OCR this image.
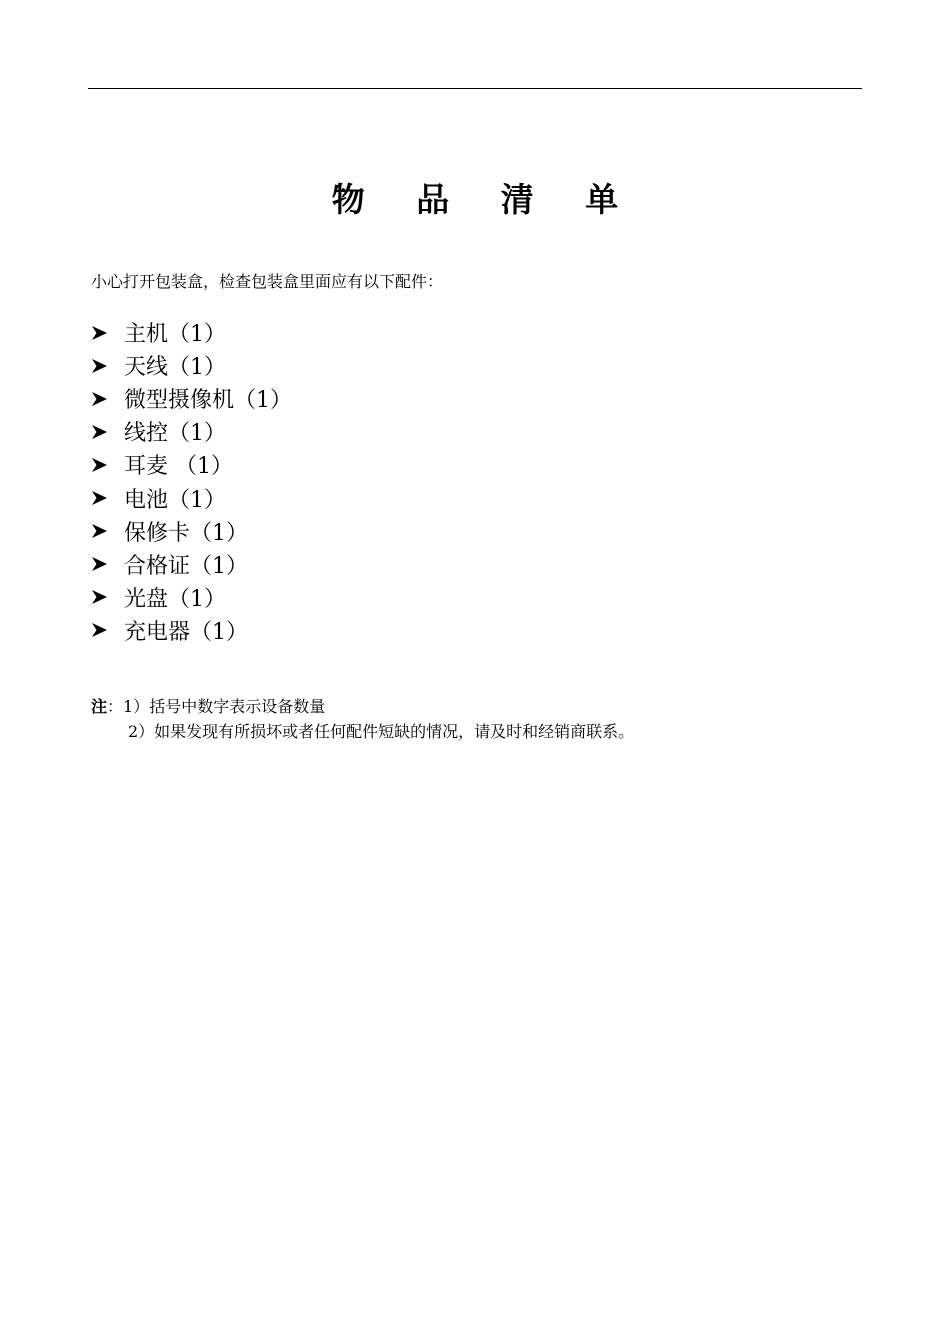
物 品 清 单
小心打开包装盒，检查包装盒里面应有以下配件：
主机（1）
天线（1）
微型摄像机（1）
线控（1）
耳麦 （1）
电池（1）
保修卡（1）
合格证（1）
光盘（1）
充电器（1）
注：1）括号中数字表示设备数量
2）如果发现有所损坏或者任何配件短缺的情况，请及时和经销商联系。
